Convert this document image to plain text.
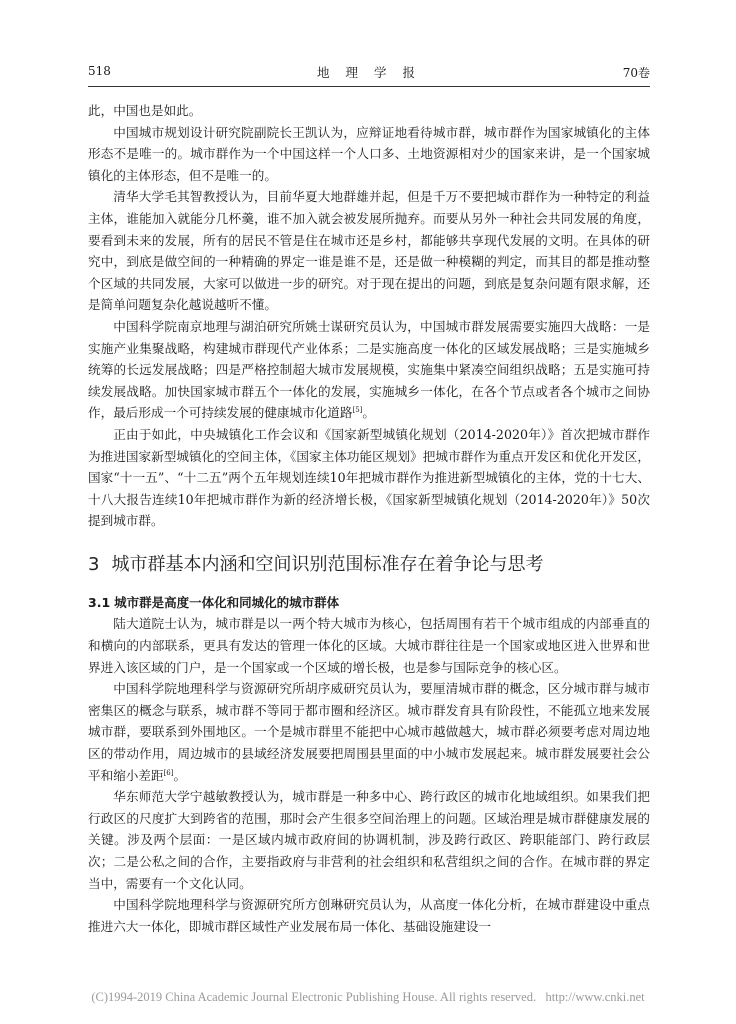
518	地 理 学 报	70卷

此，中国也是如此。

中国城市规划设计研究院副院长王凯认为，应辩证地看待城市群，城市群作为国家城镇化的主体形态不是唯一的。城市群作为一个中国这样一个人口多、土地资源相对少的国家来讲，是一个国家城镇化的主体形态，但不是唯一的。

清华大学毛其智教授认为，目前华夏大地群雄并起，但是千万不要把城市群作为一种特定的利益主体，谁能加入就能分几杯羹，谁不加入就会被发展所抛弃。而要从另外一种社会共同发展的角度，要看到未来的发展，所有的居民不管是住在城市还是乡村，都能够共享现代发展的文明。在具体的研究中，到底是做空间的一种精确的界定一谁是谁不是，还是做一种模糊的判定，而其目的都是推动整个区域的共同发展，大家可以做进一步的研究。对于现在提出的问题，到底是复杂问题有限求解，还是简单问题复杂化越说越听不懂。

中国科学院南京地理与湖泊研究所姚士谋研究员认为，中国城市群发展需要实施四大战略：一是实施产业集聚战略，构建城市群现代产业体系；二是实施高度一体化的区域发展战略；三是实施城乡统筹的长远发展战略；四是严格控制超大城市发展规模，实施集中紧凑空间组织战略；五是实施可持续发展战略。加快国家城市群五个一体化的发展，实施城乡一体化，在各个节点或者各个城市之间协作，最后形成一个可持续发展的健康城市化道路[5]。

正由于如此，中央城镇化工作会议和《国家新型城镇化规划（2014-2020年）》首次把城市群作为推进国家新型城镇化的空间主体，《国家主体功能区规划》把城市群作为重点开发区和优化开发区，国家“十一五”、“十二五”两个五年规划连续10年把城市群作为推进新型城镇化的主体，党的十七大、十八大报告连续10年把城市群作为新的经济增长极，《国家新型城镇化规划（2014-2020年）》50次提到城市群。

3 城市群基本内涵和空间识别范围标准存在着争论与思考

3.1 城市群是高度一体化和同城化的城市群体

陆大道院士认为，城市群是以一两个特大城市为核心，包括周围有若干个城市组成的内部垂直的和横向的内部联系，更具有发达的管理一体化的区域。大城市群往往是一个国家或地区进入世界和世界进入该区域的门户，是一个国家或一个区域的增长极，也是参与国际竞争的核心区。

中国科学院地理科学与资源研究所胡序威研究员认为，要厘清城市群的概念，区分城市群与城市密集区的概念与联系，城市群不等同于都市圈和经济区。城市群发育具有阶段性，不能孤立地来发展城市群，要联系到外围地区。一个是城市群里不能把中心城市越做越大，城市群必须要考虑对周边地区的带动作用，周边城市的县域经济发展要把周围县里面的中小城市发展起来。城市群发展要社会公平和缩小差距[6]。

华东师范大学宁越敏教授认为，城市群是一种多中心、跨行政区的城市化地域组织。如果我们把行政区的尺度扩大到跨省的范围，那时会产生很多空间治理上的问题。区域治理是城市群健康发展的关键。涉及两个层面：一是区域内城市政府间的协调机制，涉及跨行政区、跨职能部门、跨行政层次；二是公私之间的合作，主要指政府与非营利的社会组织和私营组织之间的合作。在城市群的界定当中，需要有一个文化认同。

中国科学院地理科学与资源研究所方创琳研究员认为，从高度一体化分析，在城市群建设中重点推进六大一体化，即城市群区域性产业发展布局一体化、基础设施建设一

(C)1994-2019 China Academic Journal Electronic Publishing House. All rights reserved. http://www.cnki.net
